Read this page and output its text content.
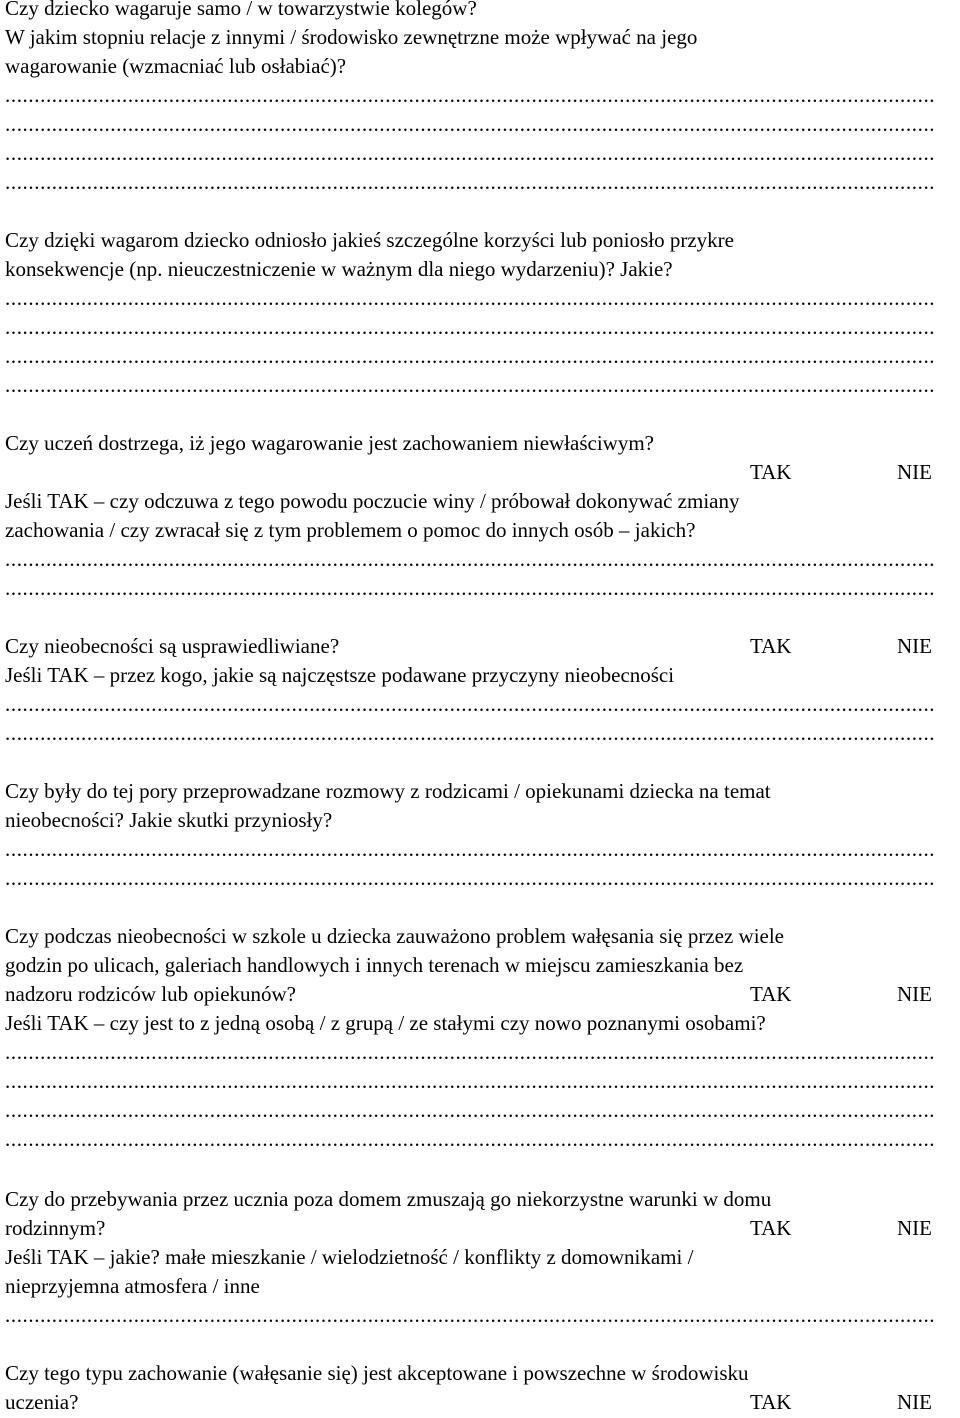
Czy dziecko wagaruje samo / w towarzystwie kolegów?
W jakim stopniu relacje z innymi / środowisko zewnętrzne może wpływać na jego
wagarowanie (wzmacniać lub osłabiać)?
...............................................................................................................................................................
...............................................................................................................................................................
...............................................................................................................................................................
...............................................................................................................................................................
Czy dzięki wagarom dziecko odniosło jakieś szczególne korzyści lub poniosło przykre
konsekwencje (np. nieuczestniczenie w ważnym dla niego wydarzeniu)? Jakie?
...............................................................................................................................................................
...............................................................................................................................................................
...............................................................................................................................................................
...............................................................................................................................................................
Czy uczeń dostrzega, iż jego wagarowanie jest zachowaniem niewłaściwym?
TAK	NIE
Jeśli TAK – czy odczuwa z tego powodu poczucie winy / próbował dokonywać zmiany
zachowania / czy zwracał się z tym problemem o pomoc do innych osób – jakich?
...............................................................................................................................................................
...............................................................................................................................................................
Czy nieobecności są usprawiedliwiane?	TAK	NIE
Jeśli TAK – przez kogo, jakie są najczęstsze podawane przyczyny nieobecności
...............................................................................................................................................................
...............................................................................................................................................................
Czy były do tej pory przeprowadzane rozmowy z rodzicami / opiekunami dziecka na temat
nieobecności? Jakie skutki przyniosły?
...............................................................................................................................................................
...............................................................................................................................................................
Czy podczas nieobecności w szkole u dziecka zauważono problem wałęsania się przez wiele
godzin po ulicach, galeriach handlowych i innych terenach w miejscu zamieszkania bez
nadzoru rodziców lub opiekunów?	TAK	NIE
Jeśli TAK – czy jest to z jedną osobą / z grupą / ze stałymi czy nowo poznanymi osobami?
...............................................................................................................................................................
...............................................................................................................................................................
...............................................................................................................................................................
...............................................................................................................................................................
Czy do przebywania przez ucznia poza domem zmuszają go niekorzystne warunki w domu
rodzinnym?	TAK	NIE
Jeśli TAK – jakie? małe mieszkanie / wielodzietność / konflikty z domownikami /
nieprzyjemna atmosfera / inne
...............................................................................................................................................................
Czy tego typu zachowanie (wałęsanie się) jest akceptowane i powszechne w środowisku
uczenia?	TAK	NIE
